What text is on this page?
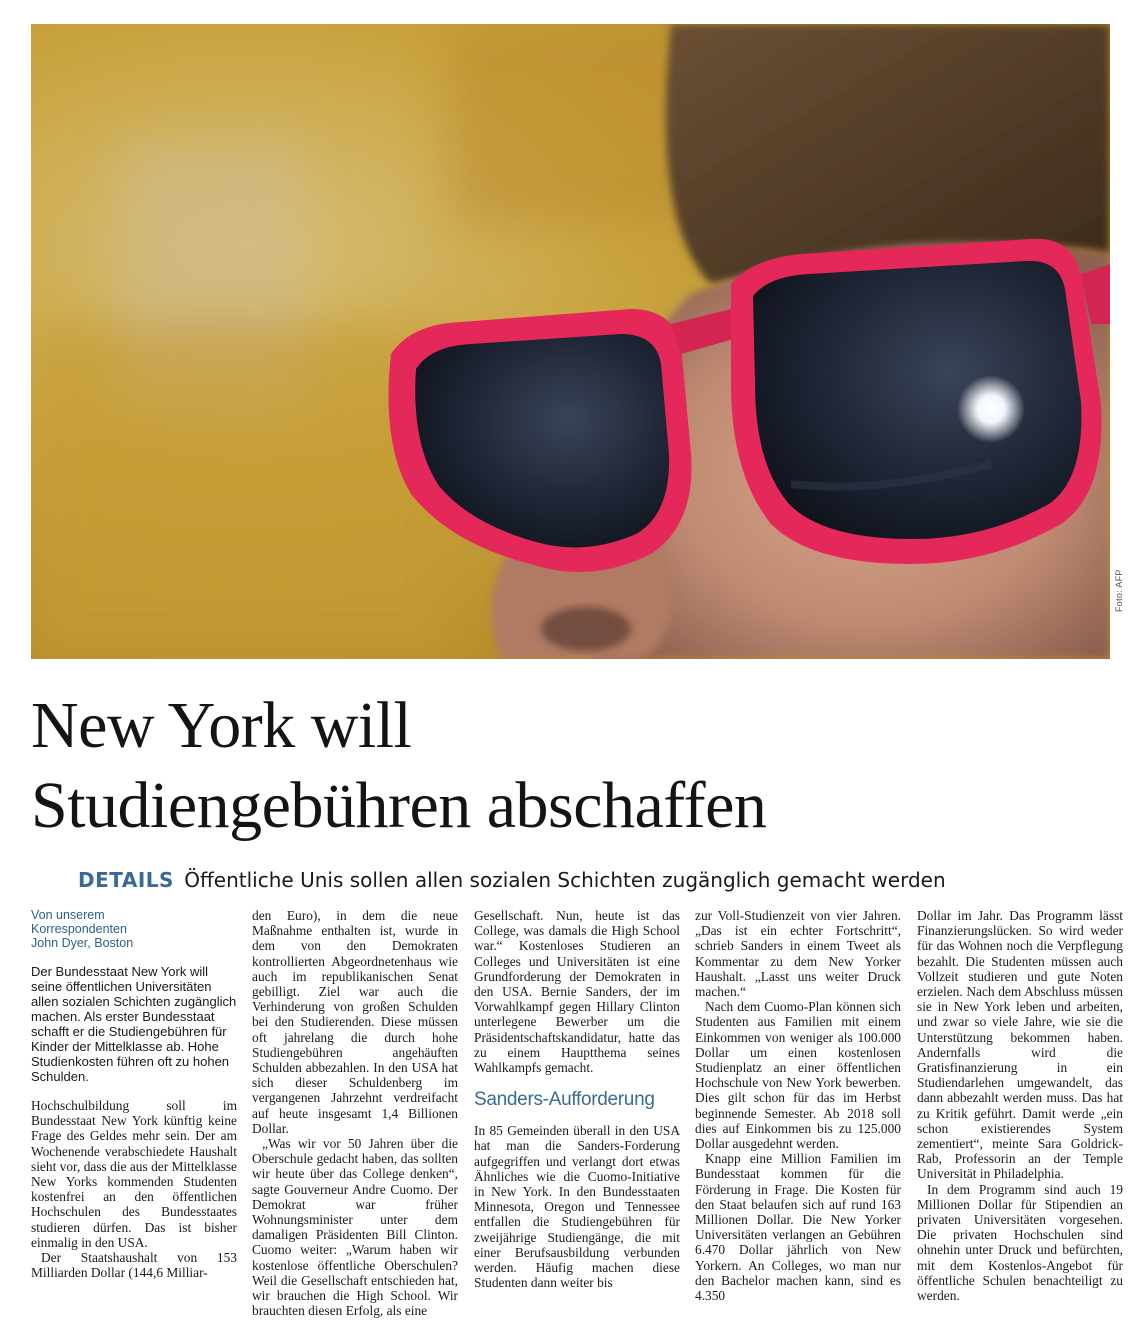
Foto: AFP
New York will
Studiengebühren abschaffen
DETAILS Öffentliche Unis sollen allen sozialen Schichten zugänglich gemacht werden
Von unserem
Korrespondenten
John Dyer, Boston

Der Bundesstaat New York will seine öffentlichen Universitäten allen sozialen Schichten zugänglich machen. Als erster Bundesstaat schafft er die Studiengebühren für Kinder der Mittelklasse ab. Hohe Studienkosten führen oft zu hohen Schulden.

Hochschulbildung soll im Bundesstaat New York künftig keine Frage des Geldes mehr sein. Der am Wochenende verabschiedete Haushalt sieht vor, dass die aus der Mittelklasse New Yorks kommenden Studenten kostenfrei an den öffentlichen Hochschulen des Bundesstaates studieren dürfen. Das ist bisher einmalig in den USA.

Der Staatshaushalt von 153 Milliarden Dollar (144,6 Milliar-

den Euro), in dem die neue Maßnahme enthalten ist, wurde in dem von den Demokraten kontrollierten Abgeordnetenhaus wie auch im republikanischen Senat gebilligt. Ziel war auch die Verhinderung von großen Schulden bei den Studierenden. Diese müssen oft jahrelang die durch hohe Studiengebühren angehäuften Schulden abbezahlen. In den USA hat sich dieser Schuldenberg im vergangenen Jahrzehnt verdreifacht auf heute insgesamt 1,4 Billionen Dollar.

„Was wir vor 50 Jahren über die Oberschule gedacht haben, das sollten wir heute über das College denken“, sagte Gouverneur Andre Cuomo. Der Demokrat war früher Wohnungsminister unter dem damaligen Präsidenten Bill Clinton. Cuomo weiter: „Warum haben wir kostenlose öffentliche Oberschulen? Weil die Gesellschaft entschieden hat, wir brauchen die High School. Wir brauchten diesen Erfolg, als eine

Gesellschaft. Nun, heute ist das College, was damals die High School war.“ Kostenloses Studieren an Colleges und Universitäten ist eine Grundforderung der Demokraten in den USA. Bernie Sanders, der im Vorwahlkampf gegen Hillary Clinton unterlegene Bewerber um die Präsidentschaftskandidatur, hatte das zu einem Hauptthema seines Wahlkampfs gemacht.

Sanders-Aufforderung

In 85 Gemeinden überall in den USA hat man die Sanders-Forderung aufgegriffen und verlangt dort etwas Ähnliches wie die Cuomo-Initiative in New York. In den Bundesstaaten Minnesota, Oregon und Tennessee entfallen die Studiengebühren für zweijährige Studiengänge, die mit einer Berufsausbildung verbunden werden. Häufig machen diese Studenten dann weiter bis

zur Voll-Studienzeit von vier Jahren. „Das ist ein echter Fortschritt“, schrieb Sanders in einem Tweet als Kommentar zu dem New Yorker Haushalt. „Lasst uns weiter Druck machen.“

Nach dem Cuomo-Plan können sich Studenten aus Familien mit einem Einkommen von weniger als 100.000 Dollar um einen kostenlosen Studienplatz an einer öffentlichen Hochschule von New York bewerben. Dies gilt schon für das im Herbst beginnende Semester. Ab 2018 soll dies auf Einkommen bis zu 125.000 Dollar ausgedehnt werden.

Knapp eine Million Familien im Bundesstaat kommen für die Förderung in Frage. Die Kosten für den Staat belaufen sich auf rund 163 Millionen Dollar. Die New Yorker Universitäten verlangen an Gebühren 6.470 Dollar jährlich von New Yorkern. An Colleges, wo man nur den Bachelor machen kann, sind es 4.350

Dollar im Jahr. Das Programm lässt Finanzierungslücken. So wird weder für das Wohnen noch die Verpflegung bezahlt. Die Studenten müssen auch Vollzeit studieren und gute Noten erzielen. Nach dem Abschluss müssen sie in New York leben und arbeiten, und zwar so viele Jahre, wie sie die Unterstützung bekommen haben. Andernfalls wird die Gratisfinanzierung in ein Studiendarlehen umgewandelt, das dann abbezahlt werden muss. Das hat zu Kritik geführt. Damit werde „ein schon existierendes System zementiert“, meinte Sara Goldrick-Rab, Professorin an der Temple Universität in Philadelphia.

In dem Programm sind auch 19 Millionen Dollar für Stipendien an privaten Universitäten vorgesehen. Die privaten Hochschulen sind ohnehin unter Druck und befürchten, mit dem Kostenlos-Angebot für öffentliche Schulen benachteiligt zu werden.
